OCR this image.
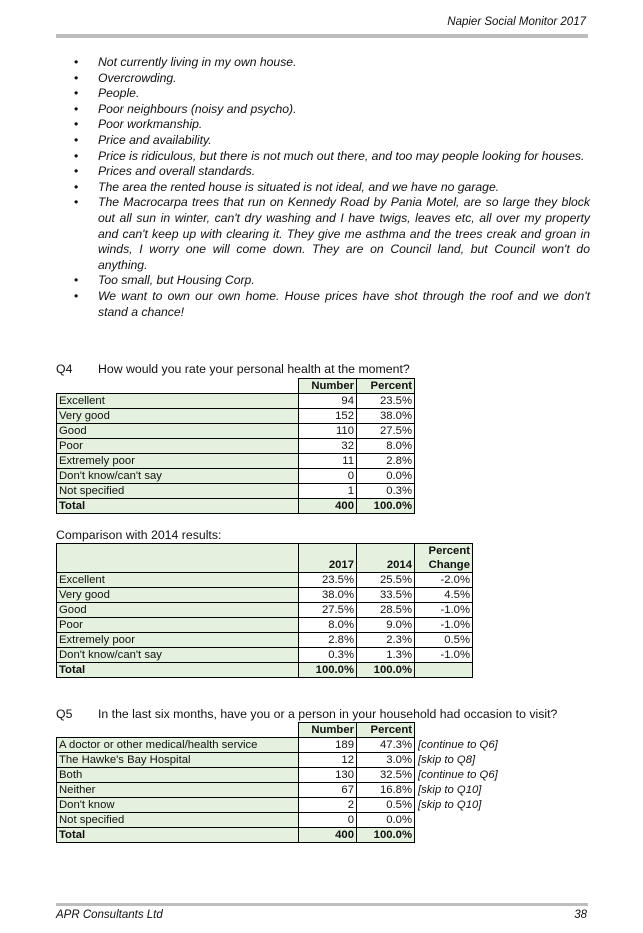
Napier Social Monitor 2017
• Not currently living in my own house.
• Overcrowding.
• People.
• Poor neighbours (noisy and psycho).
• Poor workmanship.
• Price and availability.
• Price is ridiculous, but there is not much out there, and too may people looking for houses.
• Prices and overall standards.
• The area the rented house is situated is not ideal, and we have no garage.
• The Macrocarpa trees that run on Kennedy Road by Pania Motel, are so large they block out all sun in winter, can't dry washing and I have twigs, leaves etc, all over my property and can't keep up with clearing it. They give me asthma and the trees creak and groan in winds, I worry one will come down. They are on Council land, but Council won't do anything.
• Too small, but Housing Corp.
• We want to own our own home. House prices have shot through the roof and we don't stand a chance!
Q4 How would you rate your personal health at the moment?
	Number	Percent
Excellent	94	23.5%
Very good	152	38.0%
Good	110	27.5%
Poor	32	8.0%
Extremely poor	11	2.8%
Don't know/can't say	0	0.0%
Not specified	1	0.3%
Total	400	100.0%
Comparison with 2014 results:
			Percent
	2017	2014	Change
Excellent	23.5%	25.5%	-2.0%
Very good	38.0%	33.5%	4.5%
Good	27.5%	28.5%	-1.0%
Poor	8.0%	9.0%	-1.0%
Extremely poor	2.8%	2.3%	0.5%
Don't know/can't say	0.3%	1.3%	-1.0%
Total	100.0%	100.0%	
Q5 In the last six months, have you or a person in your household had occasion to visit?
	Number	Percent	
A doctor or other medical/health service	189	47.3%	[continue to Q6]
The Hawke's Bay Hospital	12	3.0%	[skip to Q8]
Both	130	32.5%	[continue to Q6]
Neither	67	16.8%	[skip to Q10]
Don't know	2	0.5%	[skip to Q10]
Not specified	0	0.0%	
Total	400	100.0%	
APR Consultants Ltd	38
